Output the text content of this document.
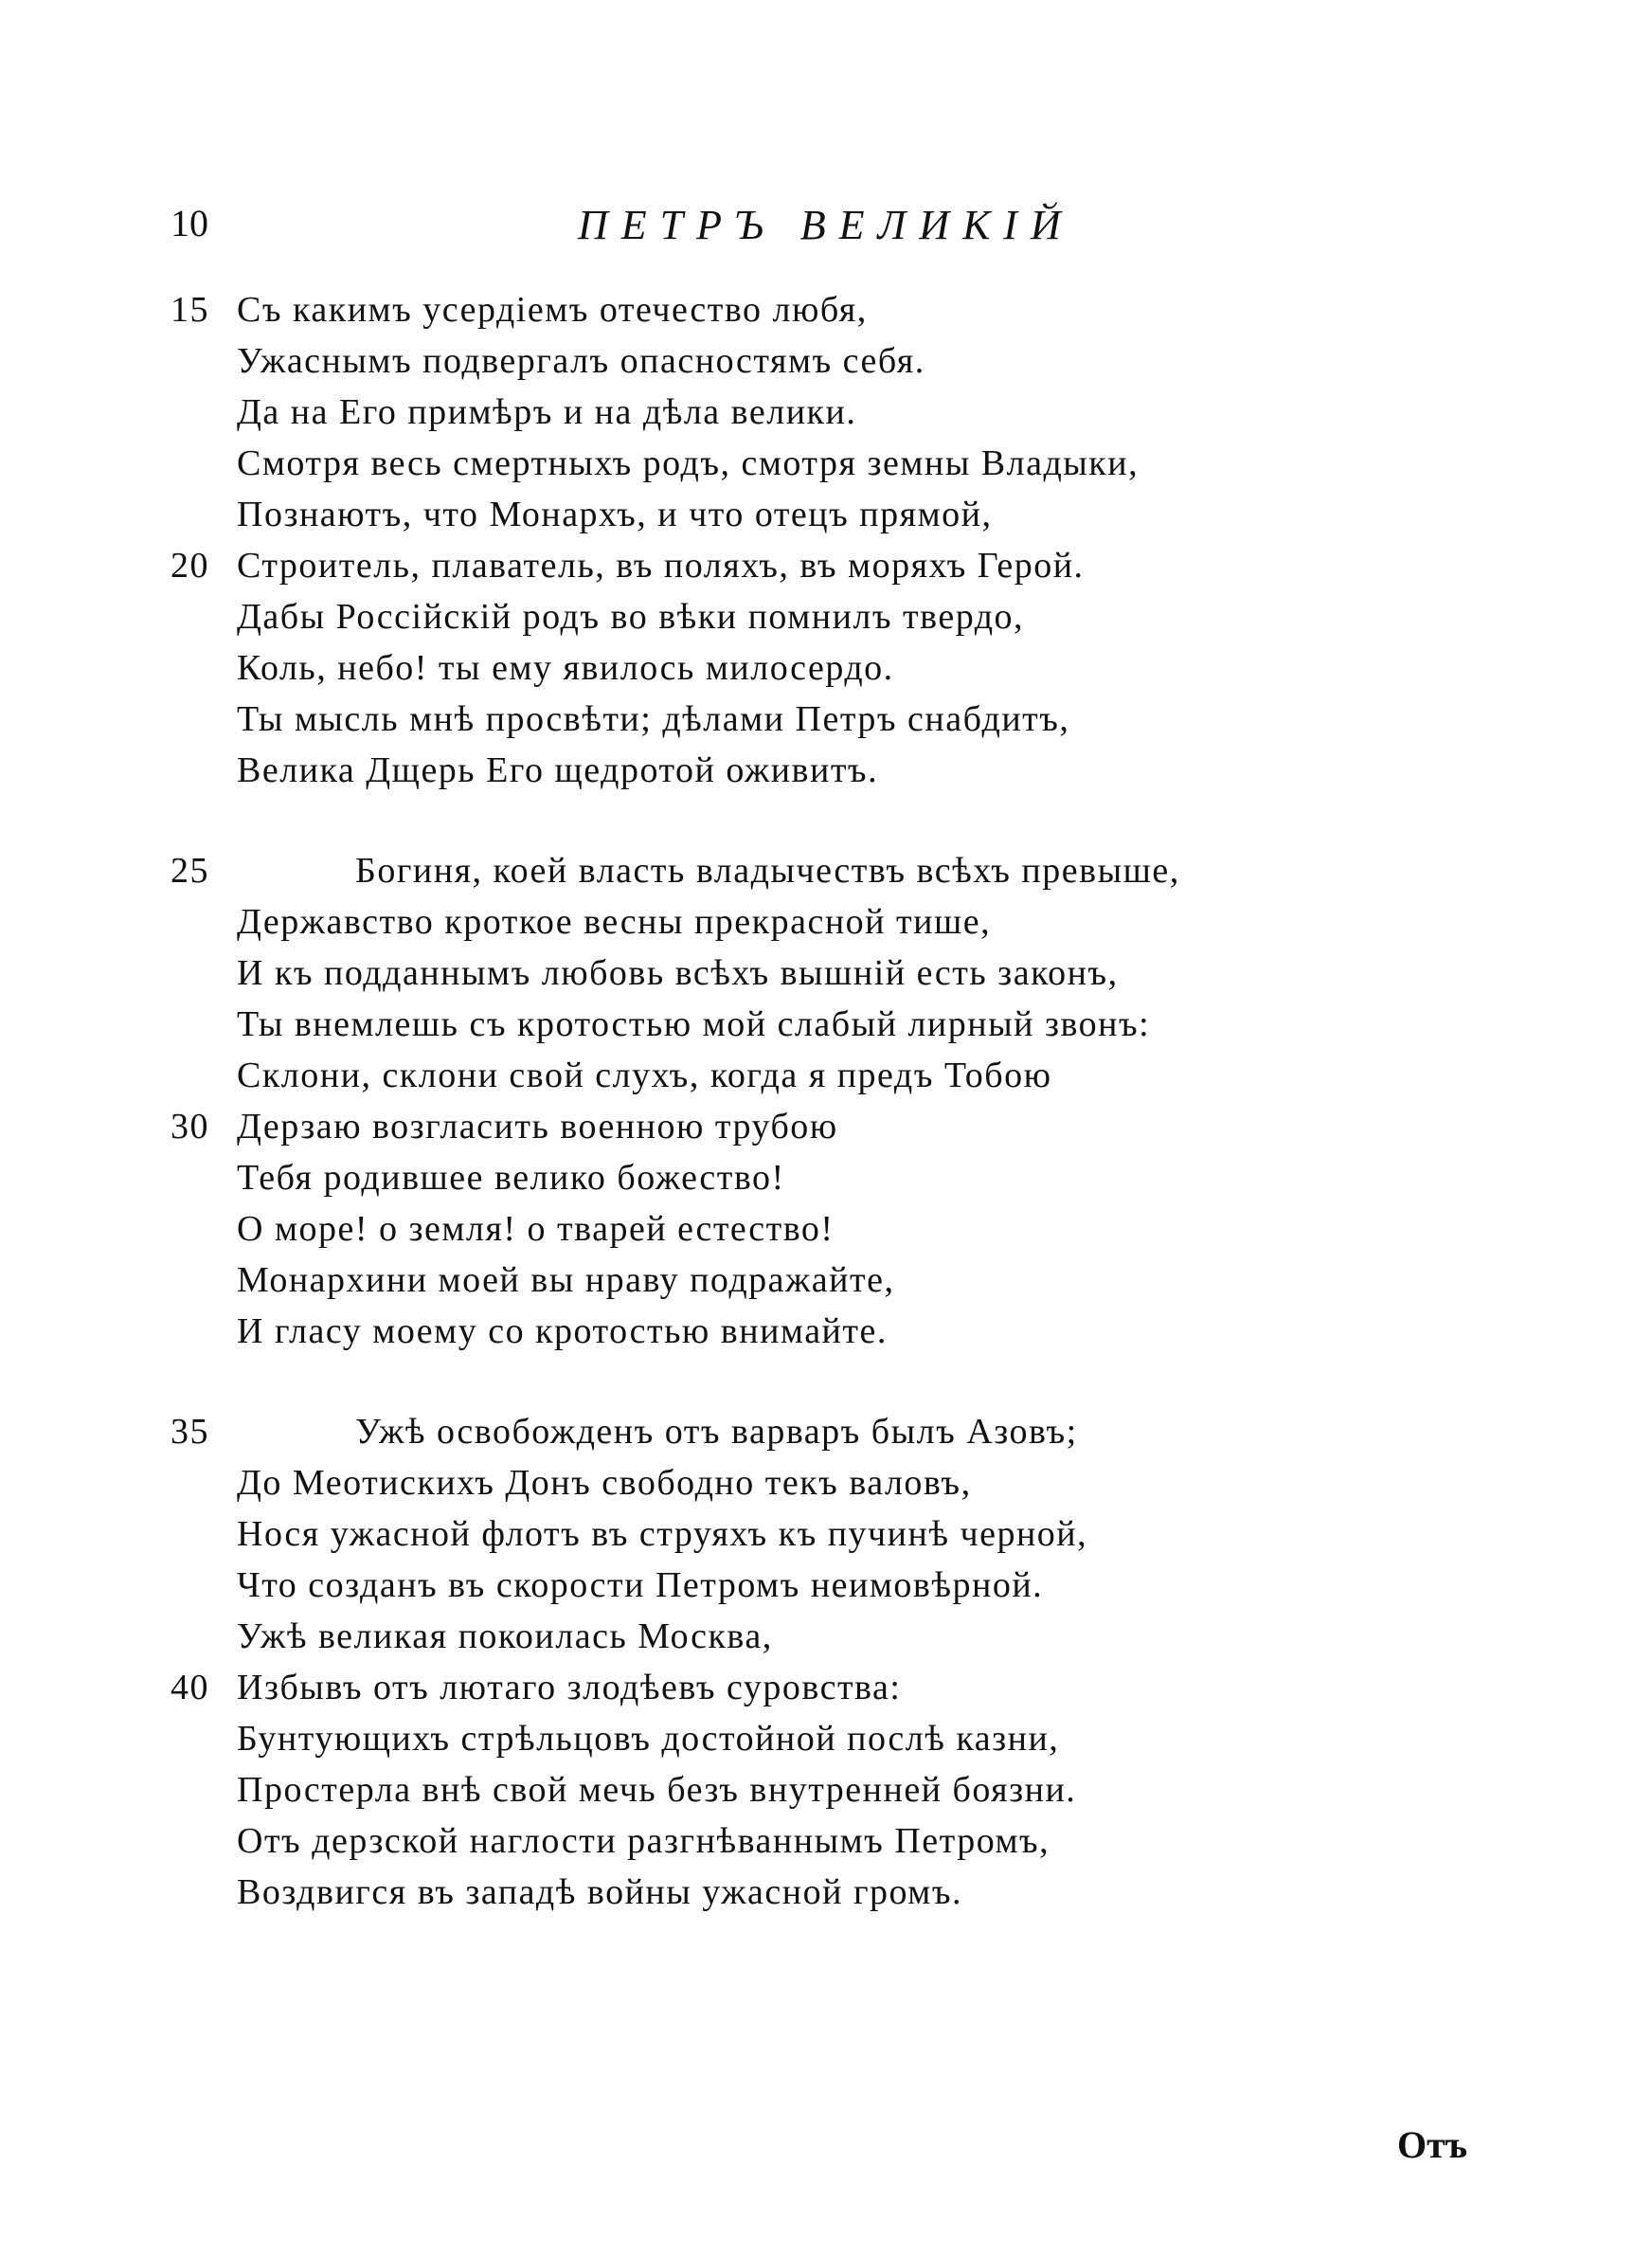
10	ПЕТРЪ ВЕЛИКІЙ
15 Съ какимъ усердіемъ отечество любя,
Ужаснымъ подвергалъ опасностямъ себя.
Да на Его примѣръ и на дѣла велики.
Смотря весь смертныхъ родъ, смотря земны Владыки,
Познаютъ, что Монархъ, и что отецъ прямой,
20 Строитель, плаватель, въ поляхъ, въ моряхъ Герой.
Дабы Россійскій родъ во вѣки помнилъ твердо,
Коль, небо! ты ему явилось милосердо.
Ты мысль мнѣ просвѣти; дѣлами Петръ снабдитъ,
Велика Дщерь Его щедротой оживитъ.
25	Богиня, коей власть владычествъ всѣхъ превыше,
Державство кроткое весны прекрасной тише,
И къ подданнымъ любовь всѣхъ вышній есть законъ,
Ты внемлешь съ кротостью мой слабый лирный звонъ:
Склони, склони свой слухъ, когда я предъ Тобою
30 Дерзаю возгласить военною трубою
Тебя родившее велико божество!
О море! о земля! о тварей естество!
Монархини моей вы нраву подражайте,
И гласу моему со кротостью внимайте.
35	Ужѣ освобожденъ отъ варваръ былъ Азовъ;
До Меотискихъ Донъ свободно текъ валовъ,
Нося ужасной флотъ въ струяхъ къ пучинѣ черной,
Что созданъ въ скорости Петромъ неимовѣрной.
Ужѣ великая покоилась Москва,
40 Избывъ отъ лютаго злодѣевъ суровства:
Бунтующихъ стрѣльцовъ достойной послѣ казни,
Простерла внѣ свой мечь безъ внутренней боязни.
Отъ дерзской наглости разгнѣваннымъ Петромъ,
Воздвигся въ западѣ войны ужасной громъ.
Отъ
